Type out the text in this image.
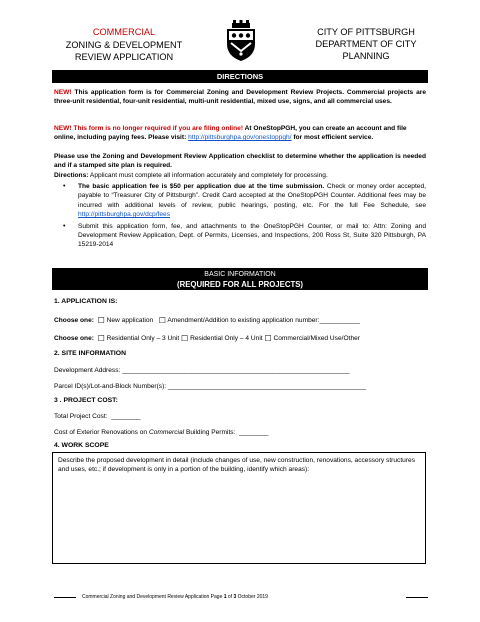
COMMERCIAL
ZONING & DEVELOPMENT
REVIEW APPLICATION
CITY OF PITTSBURGH
DEPARTMENT OF CITY
PLANNING
DIRECTIONS
NEW! This application form is for Commercial Zoning and Development Review Projects. Commercial projects are three-unit residential, four-unit residential, multi-unit residential, mixed use, signs, and all commercial uses.
NEW! This form is no longer required if you are filing online! At OneStopPGH, you can create an account and file online, including paying fees. Please visit: http://pittsburghpa.gov/onestoppgh/ for most efficient service.
Please use the Zoning and Development Review Application checklist to determine whether the application is needed and if a stamped site plan is required.
Directions: Applicant must complete all information accurately and completely for processing.
• The basic application fee is $50 per application due at the time submission. Check or money order accepted, payable to “Treasurer City of Pittsburgh”. Credit Card accepted at the OneStopPGH Counter. Additional fees may be incurred with additional levels of review, public hearings, posting, etc. For the full Fee Schedule, see http://pittsburghpa.gov/dcp/fees
• Submit this application form, fee, and attachments to the OneStopPGH Counter, or mail to: Attn: Zoning and Development Review Application, Dept. of Permits, Licenses, and Inspections, 200 Ross St, Suite 320 Pittsburgh, PA 15219-2014
BASIC INFORMATION
(REQUIRED FOR ALL PROJECTS)
1. APPLICATION IS:
Choose one: ☐ New application ☐ Amendment/Addition to existing application number:___________
Choose one: ☐ Residential Only – 3 Unit ☐ Residential Only – 4 Unit ☐ Commercial/Mixed Use/Other
2. SITE INFORMATION
Development Address: ______________________________________________________________
Parcel ID(s)/Lot-and-Block Number(s): ______________________________________________________
3 . PROJECT COST:
Total Project Cost: ________
Cost of Exterior Renovations on Commercial Building Permits: ________
4. WORK SCOPE
Describe the proposed development in detail (include changes of use, new construction, renovations, accessory structures and uses, etc.; if development is only in a portion of the building, identify which areas):
Commercial Zoning and Development Review Application Page 1 of 3 October 2019
